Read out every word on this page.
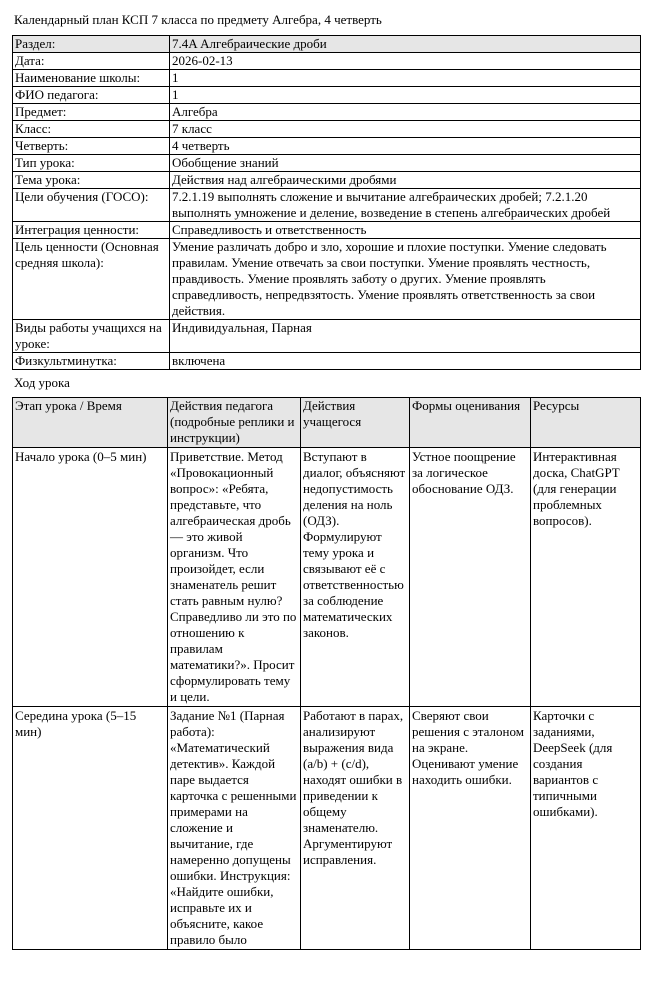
Календарный план КСП 7 класса по предмету Алгебра, 4 четверть
Раздел:	7.4A Алгебраические дроби
Дата:	2026-02-13
Наименование школы:	1
ФИО педагога:	1
Предмет:	Алгебра
Класс:	7 класс
Четверть:	4 четверть
Тип урока:	Обобщение знаний
Тема урока:	Действия над алгебраическими дробями
Цели обучения (ГОСО):	7.2.1.19 выполнять сложение и вычитание алгебраических дробей; 7.2.1.20 выполнять умножение и деление, возведение в степень алгебраических дробей
Интеграция ценности:	Справедливость и ответственность
Цель ценности (Основная средняя школа):	Умение различать добро и зло, хорошие и плохие поступки. Умение следовать правилам. Умение отвечать за свои поступки. Умение проявлять честность, правдивость. Умение проявлять заботу о других. Умение проявлять справедливость, непредвзятость. Умение проявлять ответственность за свои действия.
Виды работы учащихся на уроке:	Индивидуальная, Парная
Физкультминутка:	включена
Ход урока
Этап урока / Время	Действия педагога (подробные реплики и инструкции)	Действия учащегося	Формы оценивания	Ресурсы
Начало урока (0–5 мин)	Приветствие. Метод «Провокационный вопрос»: «Ребята, представьте, что алгебраическая дробь — это живой организм. Что произойдет, если знаменатель решит стать равным нулю? Справедливо ли это по отношению к правилам математики?». Просит сформулировать тему и цели.	Вступают в диалог, объясняют недопустимость деления на ноль (ОДЗ). Формулируют тему урока и связывают её с ответственностью за соблюдение математических законов.	Устное поощрение за логическое обоснование ОДЗ.	Интерактивная доска, ChatGPT (для генерации проблемных вопросов).
Середина урока (5–15 мин)	Задание №1 (Парная работа): «Математический детектив». Каждой паре выдается карточка с решенными примерами на сложение и вычитание, где намеренно допущены ошибки. Инструкция: «Найдите ошибки, исправьте их и объясните, какое правило было	Работают в парах, анализируют выражения вида (a/b) + (c/d), находят ошибки в приведении к общему знаменателю. Аргументируют исправления.	Сверяют свои решения с эталоном на экране. Оценивают умение находить ошибки.	Карточки с заданиями, DeepSeek (для создания вариантов с типичными ошибками).
